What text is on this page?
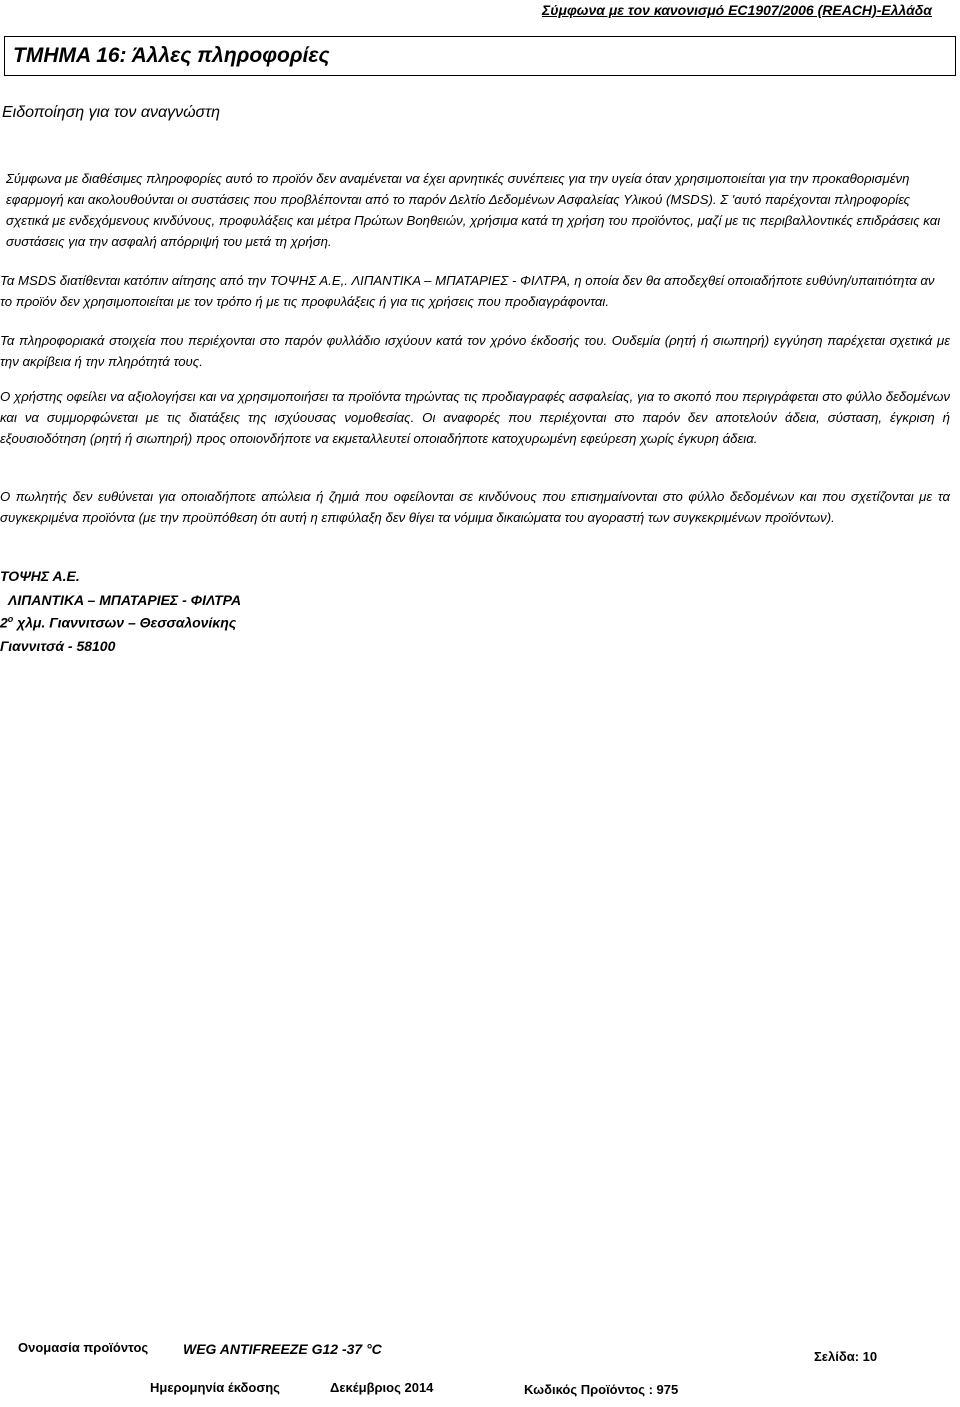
Σύμφωνα με τον κανονισμό EC1907/2006 (REACH)-Ελλάδα
ΤΜΗΜΑ 16: Άλλες πληροφορίες
Ειδοποίηση για τον αναγνώστη
Σύμφωνα με διαθέσιμες πληροφορίες αυτό το προϊόν δεν αναμένεται να έχει αρνητικές συνέπειες για την υγεία όταν χρησιμοποιείται για την προκαθορισμένη εφαρμογή και ακολουθούνται οι συστάσεις που προβλέπονται από το παρόν Δελτίο Δεδομένων Ασφαλείας Υλικού (MSDS). Σ 'αυτό παρέχονται πληροφορίες σχετικά με ενδεχόμενους κινδύνους, προφυλάξεις και μέτρα Πρώτων Βοηθειών, χρήσιμα κατά τη χρήση του προϊόντος, μαζί με τις περιβαλλοντικές επιδράσεις και συστάσεις για την ασφαλή απόρριψή του μετά τη χρήση.
Τα MSDS διατίθενται κατόπιν αίτησης από την ΤΟΨΗΣ Α.Ε,. ΛΙΠΑΝΤΙΚΑ – ΜΠΑΤΑΡΙΕΣ - ΦΙΛΤΡΑ, η οποία δεν θα αποδεχθεί οποιαδήποτε ευθύνη/υπαιτιότητα αν το προϊόν δεν χρησιμοποιείται με τον τρόπο ή με τις προφυλάξεις ή για τις χρήσεις που προδιαγράφονται.
Τα πληροφοριακά στοιχεία που περιέχονται στο παρόν φυλλάδιο ισχύουν κατά τον χρόνο έκδοσής του. Ουδεμία (ρητή ή σιωπηρή) εγγύηση παρέχεται σχετικά με την ακρίβεια ή την πληρότητά τους.
Ο χρήστης οφείλει να αξιολογήσει και να χρησιμοποιήσει τα προϊόντα τηρώντας τις προδιαγραφές ασφαλείας, για το σκοπό που περιγράφεται στο φύλλο δεδομένων και να συμμορφώνεται με τις διατάξεις της ισχύουσας νομοθεσίας. Οι αναφορές που περιέχονται στο παρόν δεν αποτελούν άδεια, σύσταση, έγκριση ή εξουσιοδότηση (ρητή ή σιωπηρή) προς οποιονδήποτε να εκμεταλλευτεί οποιαδήποτε κατοχυρωμένη εφεύρεση χωρίς έγκυρη άδεια.
Ο πωλητής δεν ευθύνεται για οποιαδήποτε απώλεια ή ζημιά που οφείλονται σε κινδύνους που επισημαίνονται στο φύλλο δεδομένων και που σχετίζονται με τα συγκεκριμένα προϊόντα (με την προϋπόθεση ότι αυτή η επιφύλαξη δεν θίγει τα νόμιμα δικαιώματα του αγοραστή των συγκεκριμένων προϊόντων).
ΤΟΨΗΣ Α.Ε.
ΛΙΠΑΝΤΙΚΑ – ΜΠΑΤΑΡΙΕΣ - ΦΙΛΤΡΑ
$2^o$ χλμ. Γιαννιτσων – Θεσσαλονίκης
Γιαννιτσά - 58100
Ονομασία προϊόντος WEG ANTIFREEZE G12 -37 °C	Σελίδα: 10
Ημερομηνία έκδοσης	Δεκέμβριος 2014	Κωδικός Προϊόντος : 975
